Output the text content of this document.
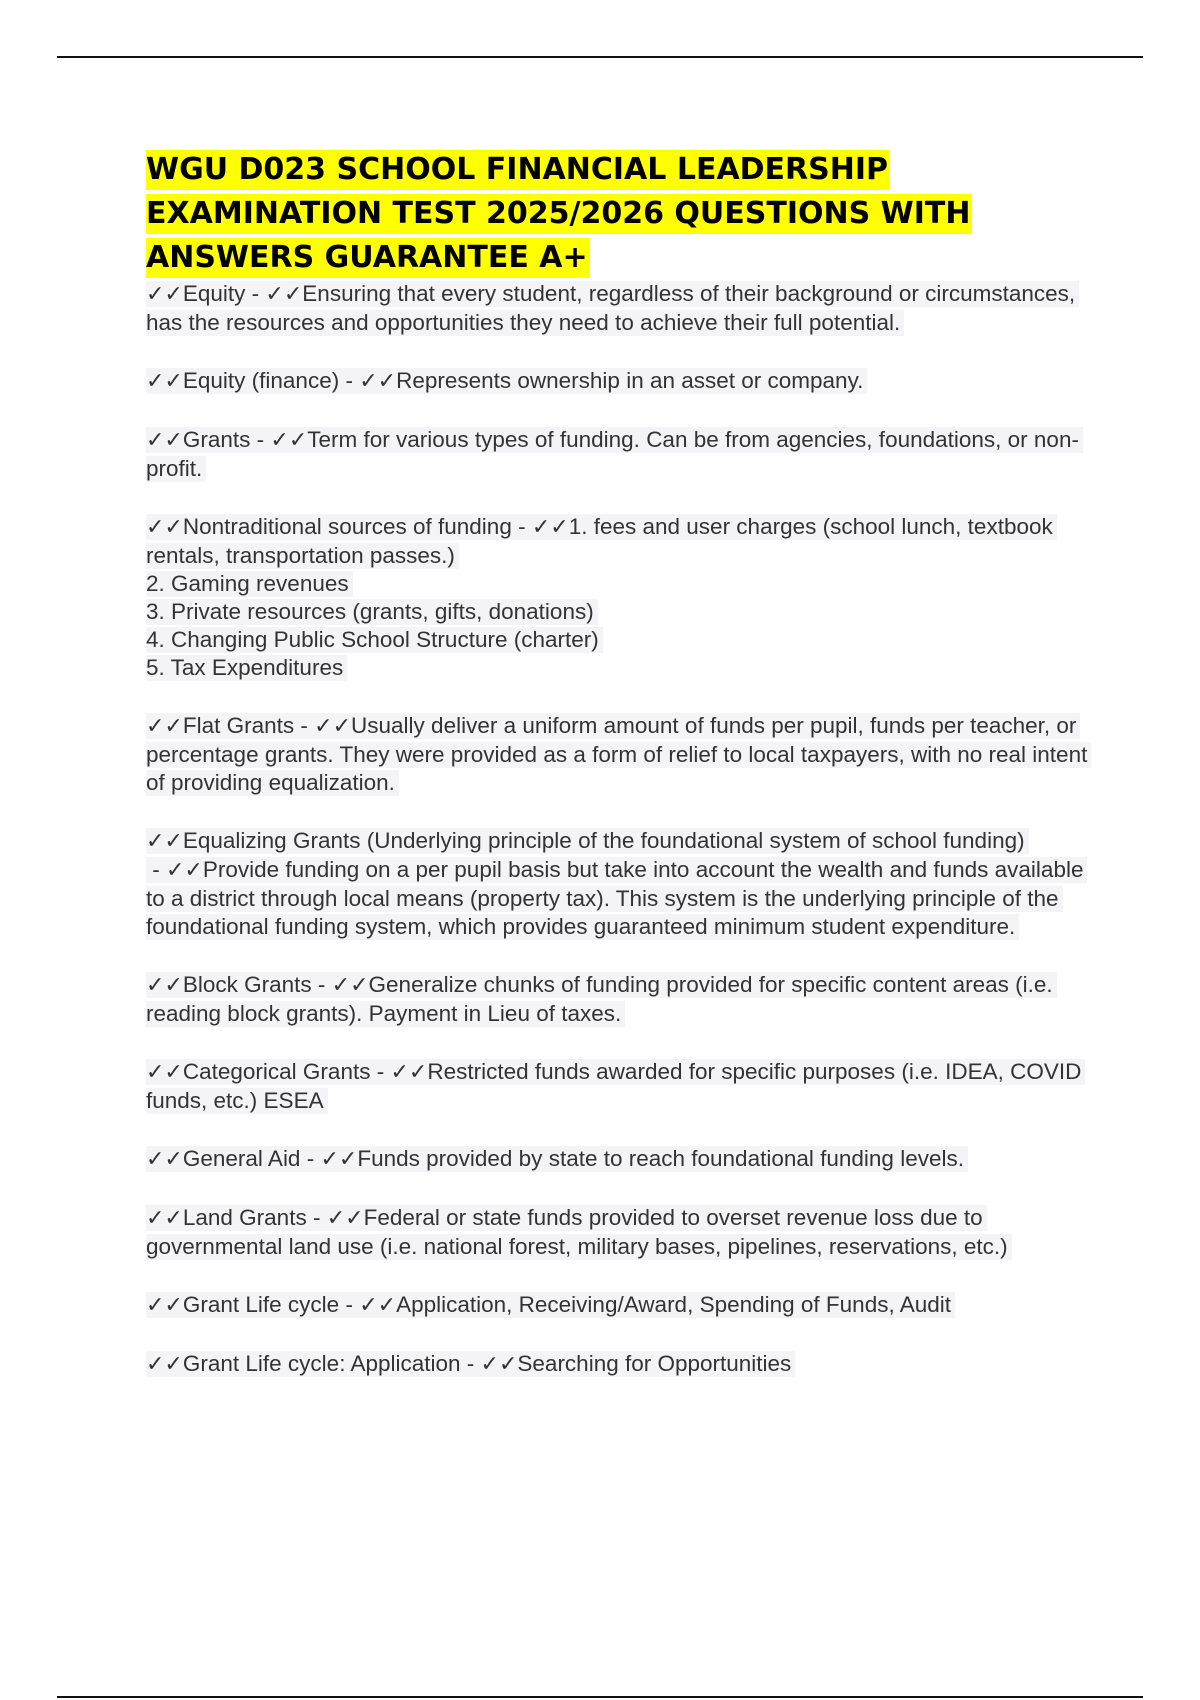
WGU D023 SCHOOL FINANCIAL LEADERSHIP
EXAMINATION TEST 2025/2026 QUESTIONS WITH
ANSWERS GUARANTEE A+
✓✓Equity - ✓✓Ensuring that every student, regardless of their background or circumstances, has the resources and opportunities they need to achieve their full potential.
✓✓Equity (finance) - ✓✓Represents ownership in an asset or company.
✓✓Grants - ✓✓Term for various types of funding. Can be from agencies, foundations, or non-profit.
✓✓Nontraditional sources of funding - ✓✓1. fees and user charges (school lunch, textbook rentals, transportation passes.)
2. Gaming revenues
3. Private resources (grants, gifts, donations)
4. Changing Public School Structure (charter)
5. Tax Expenditures
✓✓Flat Grants - ✓✓Usually deliver a uniform amount of funds per pupil, funds per teacher, or percentage grants. They were provided as a form of relief to local taxpayers, with no real intent of providing equalization.
✓✓Equalizing Grants (Underlying principle of the foundational system of school funding) - ✓✓Provide funding on a per pupil basis but take into account the wealth and funds available to a district through local means (property tax). This system is the underlying principle of the foundational funding system, which provides guaranteed minimum student expenditure.
✓✓Block Grants - ✓✓Generalize chunks of funding provided for specific content areas (i.e. reading block grants). Payment in Lieu of taxes.
✓✓Categorical Grants - ✓✓Restricted funds awarded for specific purposes (i.e. IDEA, COVID funds, etc.) ESEA
✓✓General Aid - ✓✓Funds provided by state to reach foundational funding levels.
✓✓Land Grants - ✓✓Federal or state funds provided to overset revenue loss due to governmental land use (i.e. national forest, military bases, pipelines, reservations, etc.)
✓✓Grant Life cycle - ✓✓Application, Receiving/Award, Spending of Funds, Audit
✓✓Grant Life cycle: Application - ✓✓Searching for Opportunities
